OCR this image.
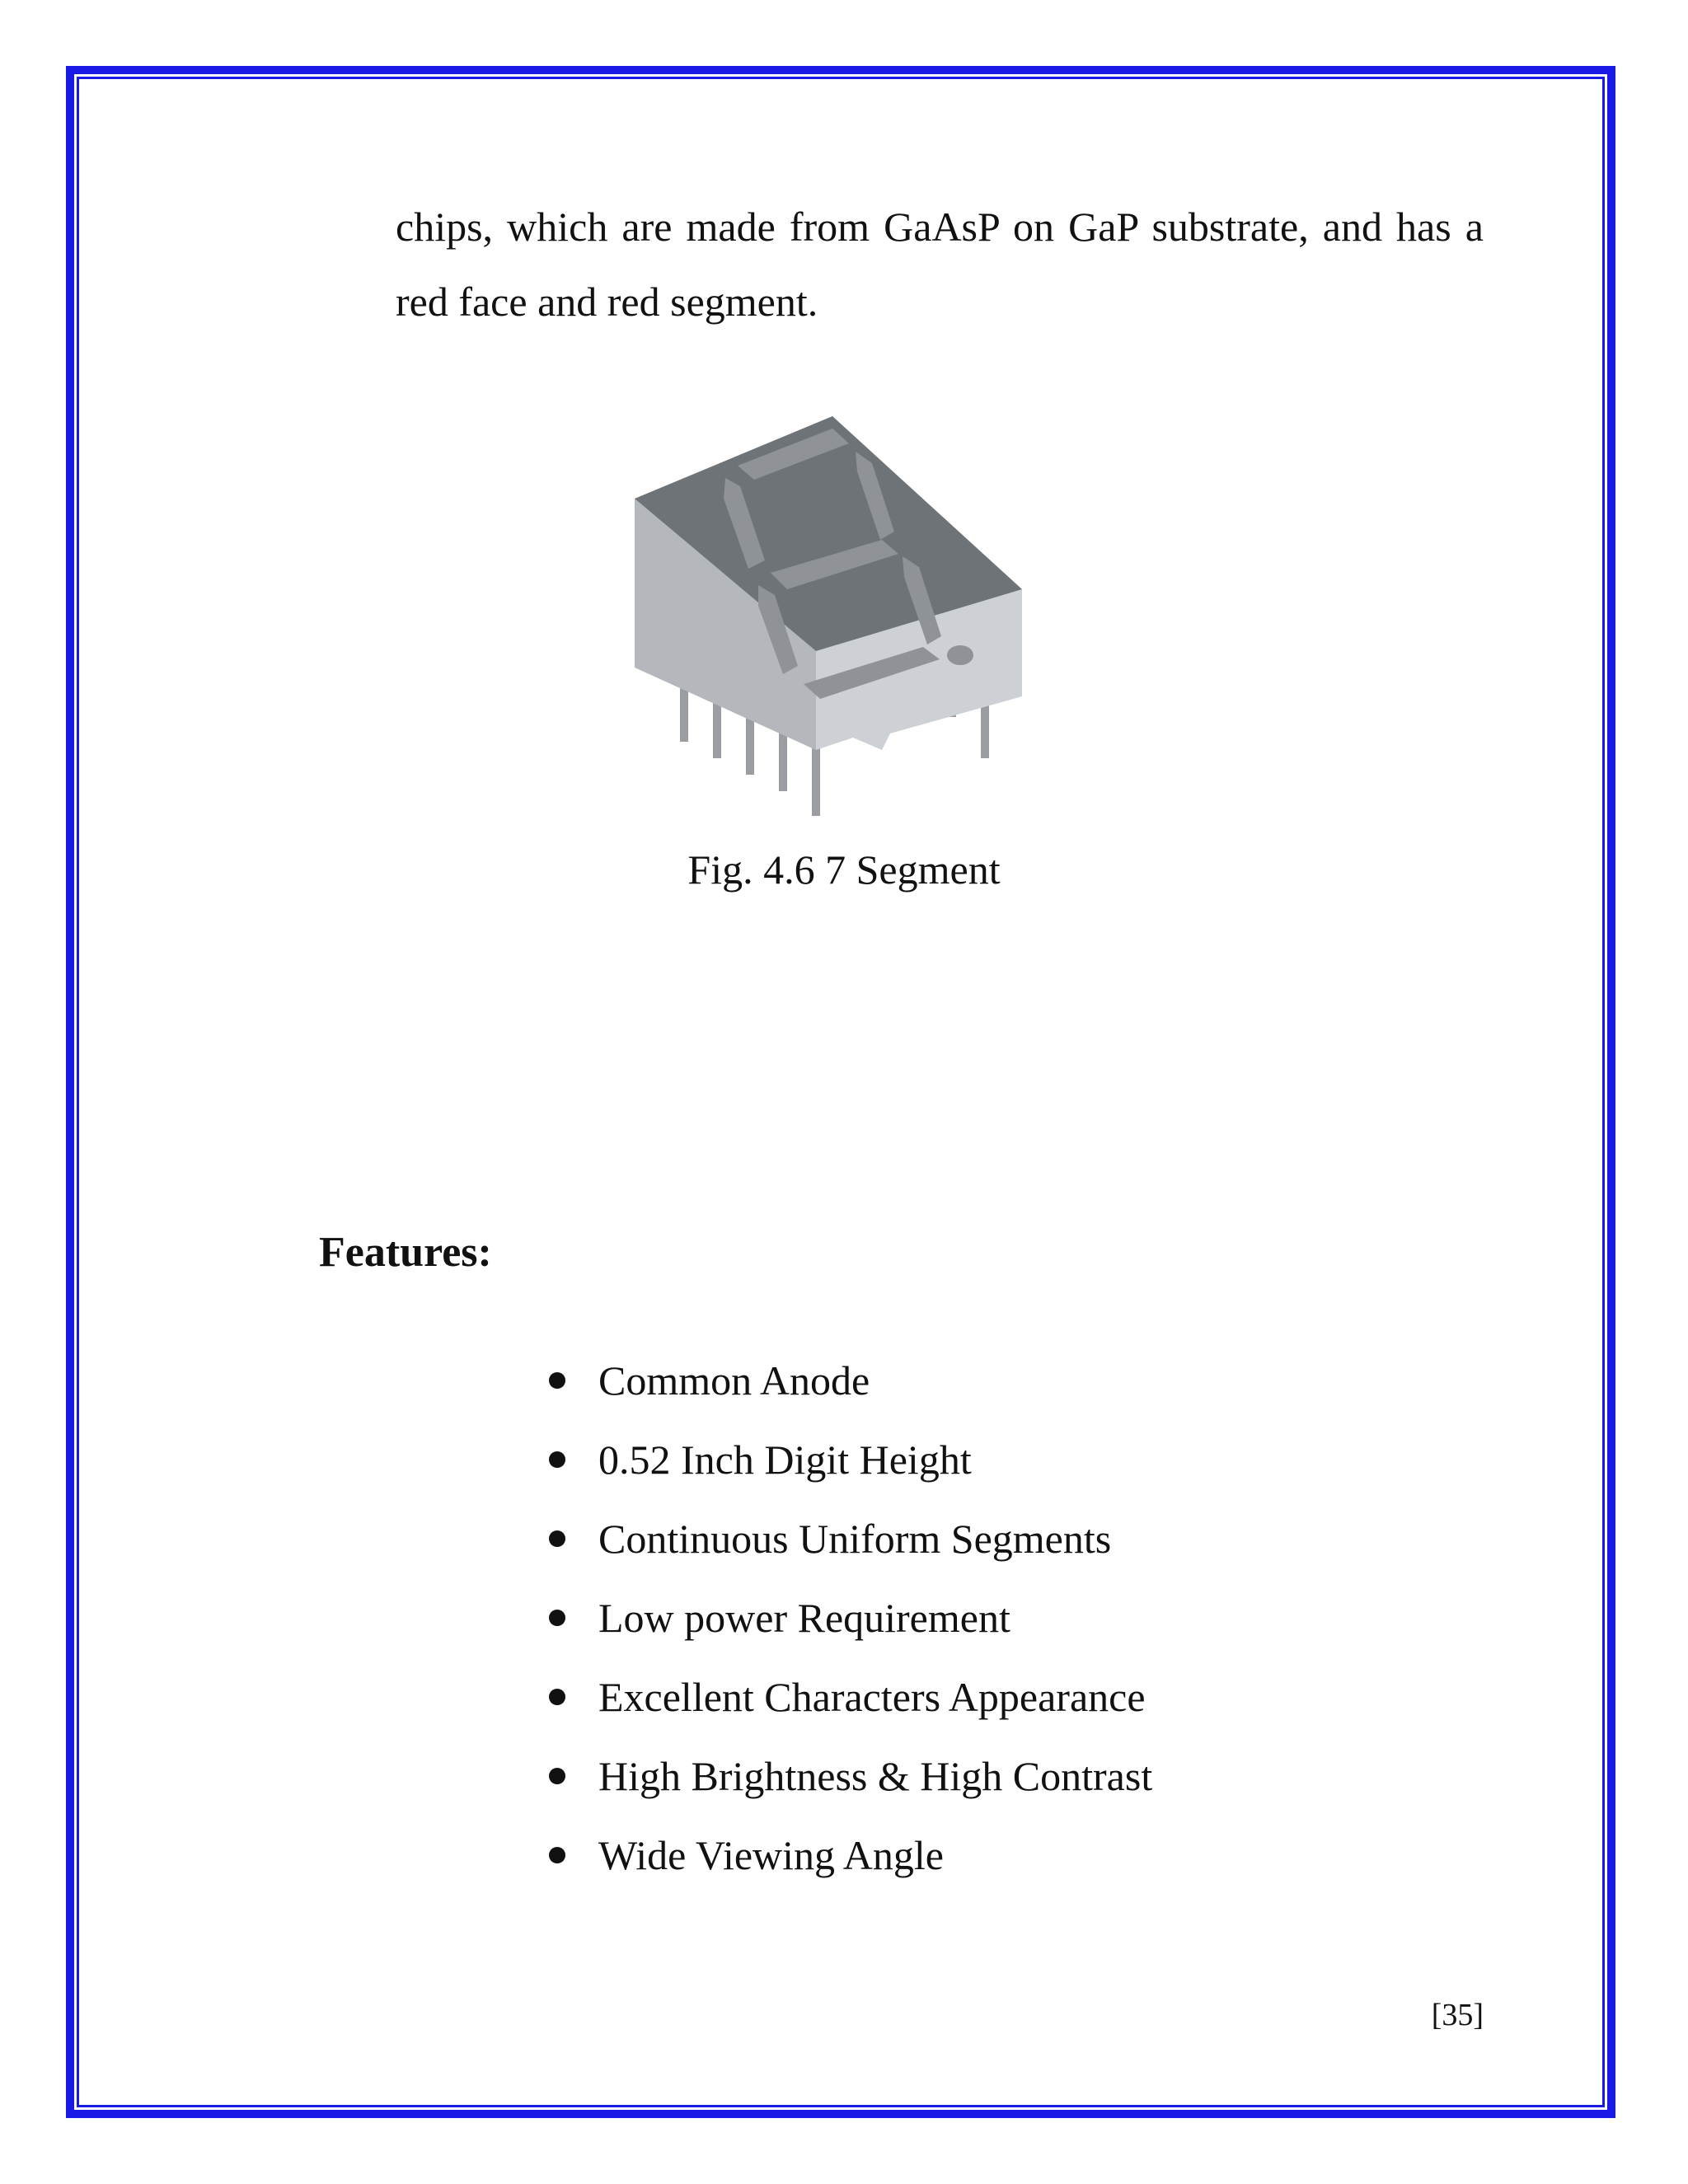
chips, which are made from GaAsP on GaP substrate, and has a red face and red segment.

Fig. 4.6 7 Segment
Features:
Common Anode
0.52 Inch Digit Height
Continuous Uniform Segments
Low power Requirement
Excellent Characters Appearance
High Brightness & High Contrast
Wide Viewing Angle
[35]
